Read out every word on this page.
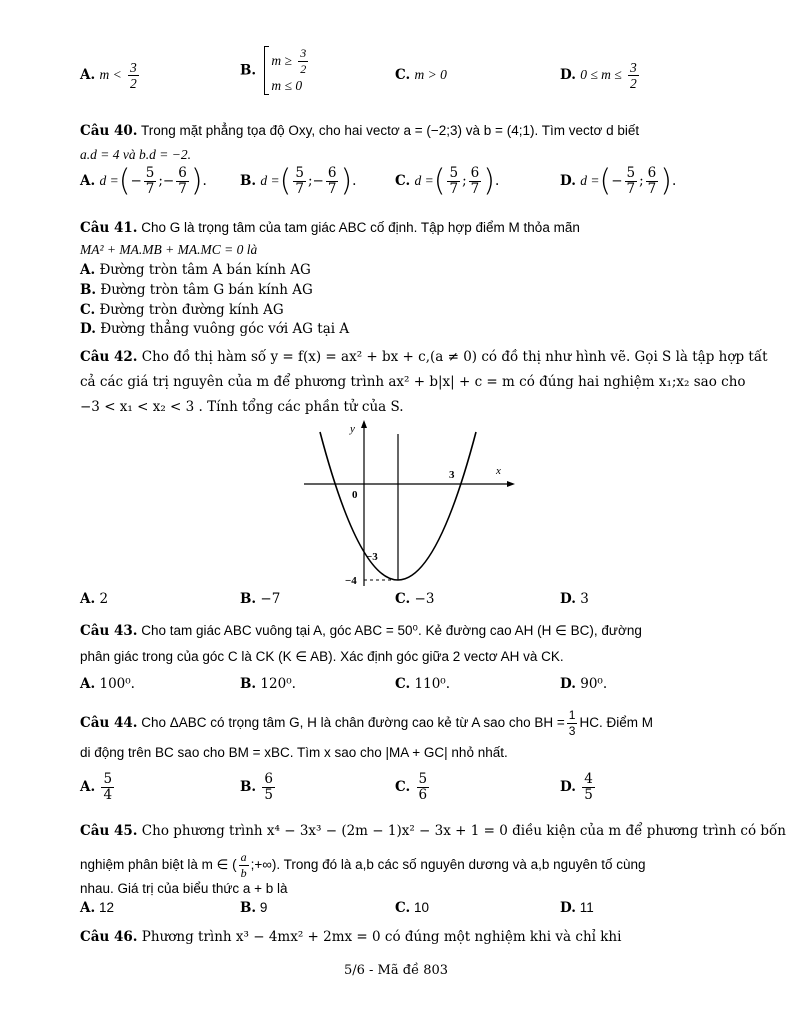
A. $m < \frac{3}{2}$	B.
$m \ge \frac{3}{2}$
m ≤ 0
C. m > 0	D. $0 \le m \le \frac{3}{2}$
Câu 40. Trong mặt phẳng tọa độ Oxy, cho hai vectơ a = (−2;3) và b = (4;1). Tìm vectơ d biết
a.d = 4 và b.d = −2.
A. d =(− $\frac{5}{7}$ ;− $\frac{6}{7}$ ). B. d =( $\frac{5}{7}$ ;− $\frac{6}{7}$ ).	C. d =( $\frac{5}{7}$ ; $\frac{6}{7}$ ).	D. d =(− $\frac{5}{7}$ ; $\frac{6}{7}$ ).
Câu 41. Cho G là trọng tâm của tam giác ABC cố định. Tập hợp điểm M thỏa mãn
MA² + MA.MB + MA.MC = 0 là
A. Đường tròn tâm A bán kính AG
B. Đường tròn tâm G bán kính AG
C. Đường tròn đường kính AG
D. Đường thẳng vuông góc với AG tại A
Câu 42. Cho đồ thị hàm số y = f(x) = ax² + bx + c,(a ≠ 0) có đồ thị như hình vẽ. Gọi S là tập hợp tất
cả các giá trị nguyên của m để phương trình ax² + b|x| + c = m có đúng hai nghiệm x₁;x₂ sao cho
−3 < x₁ < x₂ < 3 . Tính tổng các phần tử của S.
y
x
0
3
−3
−4
A. 2	B. −7	C. −3	D. 3
Câu 43. Cho tam giác ABC vuông tại A, góc ABC = 50⁰. Kẻ đường cao AH (H ∈ BC), đường
phân giác trong của góc C là CK (K ∈ AB). Xác định góc giữa 2 vectơ AH và CK.
A. 100⁰.	B. 120⁰.	C. 110⁰.	D. 90⁰.
Câu 44. Cho ΔABC có trọng tâm G, H là chân đường cao kẻ từ A sao cho BH = $\frac{1}{3}$ HC. Điểm M
di động trên BC sao cho BM = xBC. Tìm x sao cho |MA + GC| nhỏ nhất.
A. $\frac{5}{4}$	B. $\frac{6}{5}$	C. $\frac{5}{6}$	D. $\frac{4}{5}$
Câu 45. Cho phương trình x⁴ − 3x³ − (2m − 1)x² − 3x + 1 = 0 điều kiện của m để phương trình có bốn
nghiệm phân biệt là m ∈ ( $\frac{a}{b}$ ;+∞). Trong đó là a,b các số nguyên dương và a,b nguyên tố cùng
nhau. Giá trị của biểu thức a + b là
A. 12	B. 9	C. 10	D. 11
Câu 46. Phương trình x³ − 4mx² + 2mx = 0 có đúng một nghiệm khi và chỉ khi
5/6 - Mã đề 803
